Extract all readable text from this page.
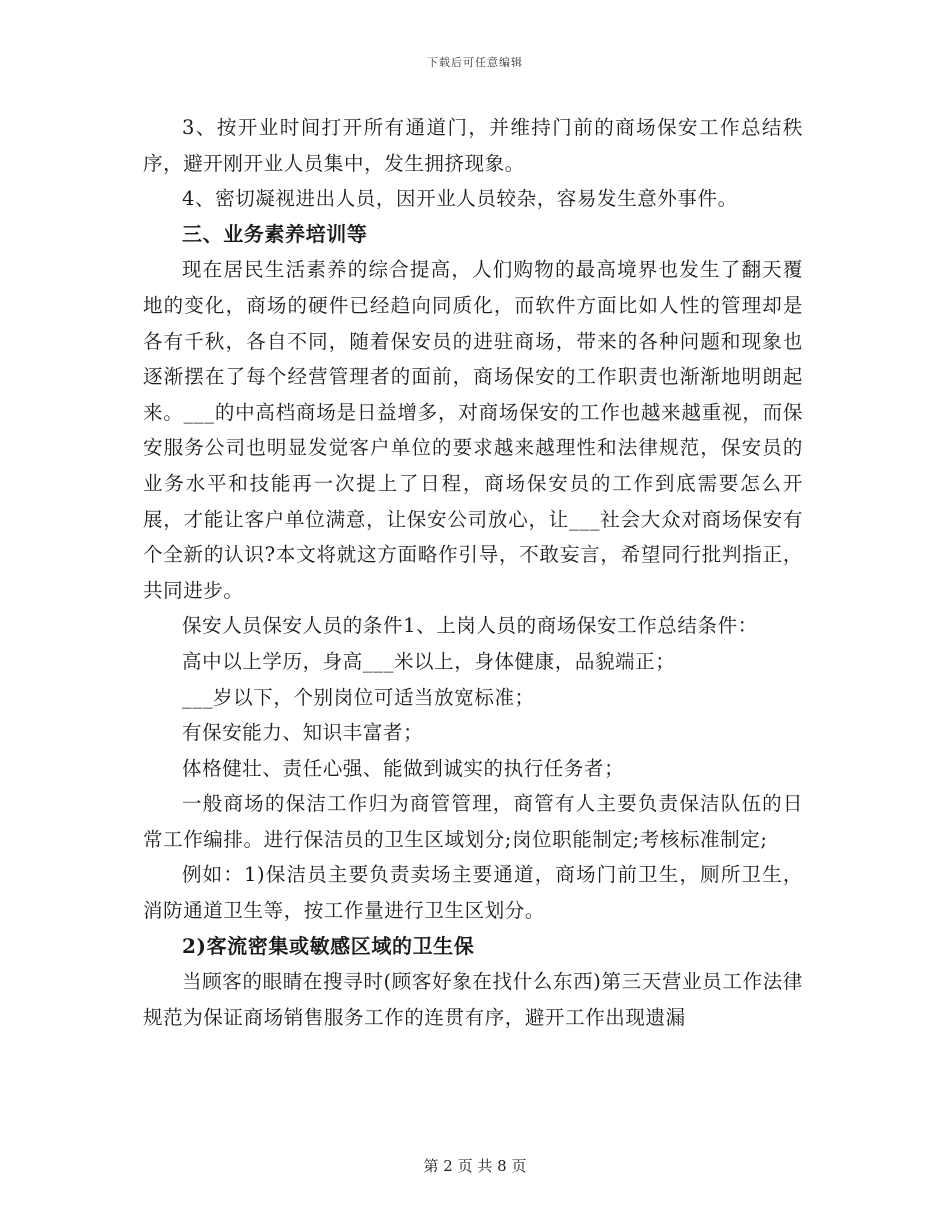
下载后可任意编辑

3、按开业时间打开所有通道门，并维持门前的商场保安工作总结秩序，避开刚开业人员集中，发生拥挤现象。

4、密切凝视进出人员，因开业人员较杂，容易发生意外事件。

三、业务素养培训等

现在居民生活素养的综合提高，人们购物的最高境界也发生了翻天覆地的变化，商场的硬件已经趋向同质化，而软件方面比如人性的管理却是各有千秋，各自不同，随着保安员的进驻商场，带来的各种问题和现象也逐渐摆在了每个经营管理者的面前，商场保安的工作职责也渐渐地明朗起来。___的中高档商场是日益增多，对商场保安的工作也越来越重视，而保安服务公司也明显发觉客户单位的要求越来越理性和法律规范，保安员的业务水平和技能再一次提上了日程，商场保安员的工作到底需要怎么开展，才能让客户单位满意，让保安公司放心，让___社会大众对商场保安有个全新的认识?本文将就这方面略作引导，不敢妄言，希望同行批判指正，共同进步。

保安人员保安人员的条件1、上岗人员的商场保安工作总结条件：

高中以上学历，身高___米以上，身体健康，品貌端正；

___岁以下，个别岗位可适当放宽标准；

有保安能力、知识丰富者；

体格健壮、责任心强、能做到诚实的执行任务者；

一般商场的保洁工作归为商管管理，商管有人主要负责保洁队伍的日常工作编排。进行保洁员的卫生区域划分;岗位职能制定;考核标准制定;

例如：1)保洁员主要负责卖场主要通道，商场门前卫生，厕所卫生，消防通道卫生等，按工作量进行卫生区划分。

2)客流密集或敏感区域的卫生保

当顾客的眼睛在搜寻时(顾客好象在找什么东西)第三天营业员工作法律规范为保证商场销售服务工作的连贯有序，避开工作出现遗漏

第 2 页 共 8 页
